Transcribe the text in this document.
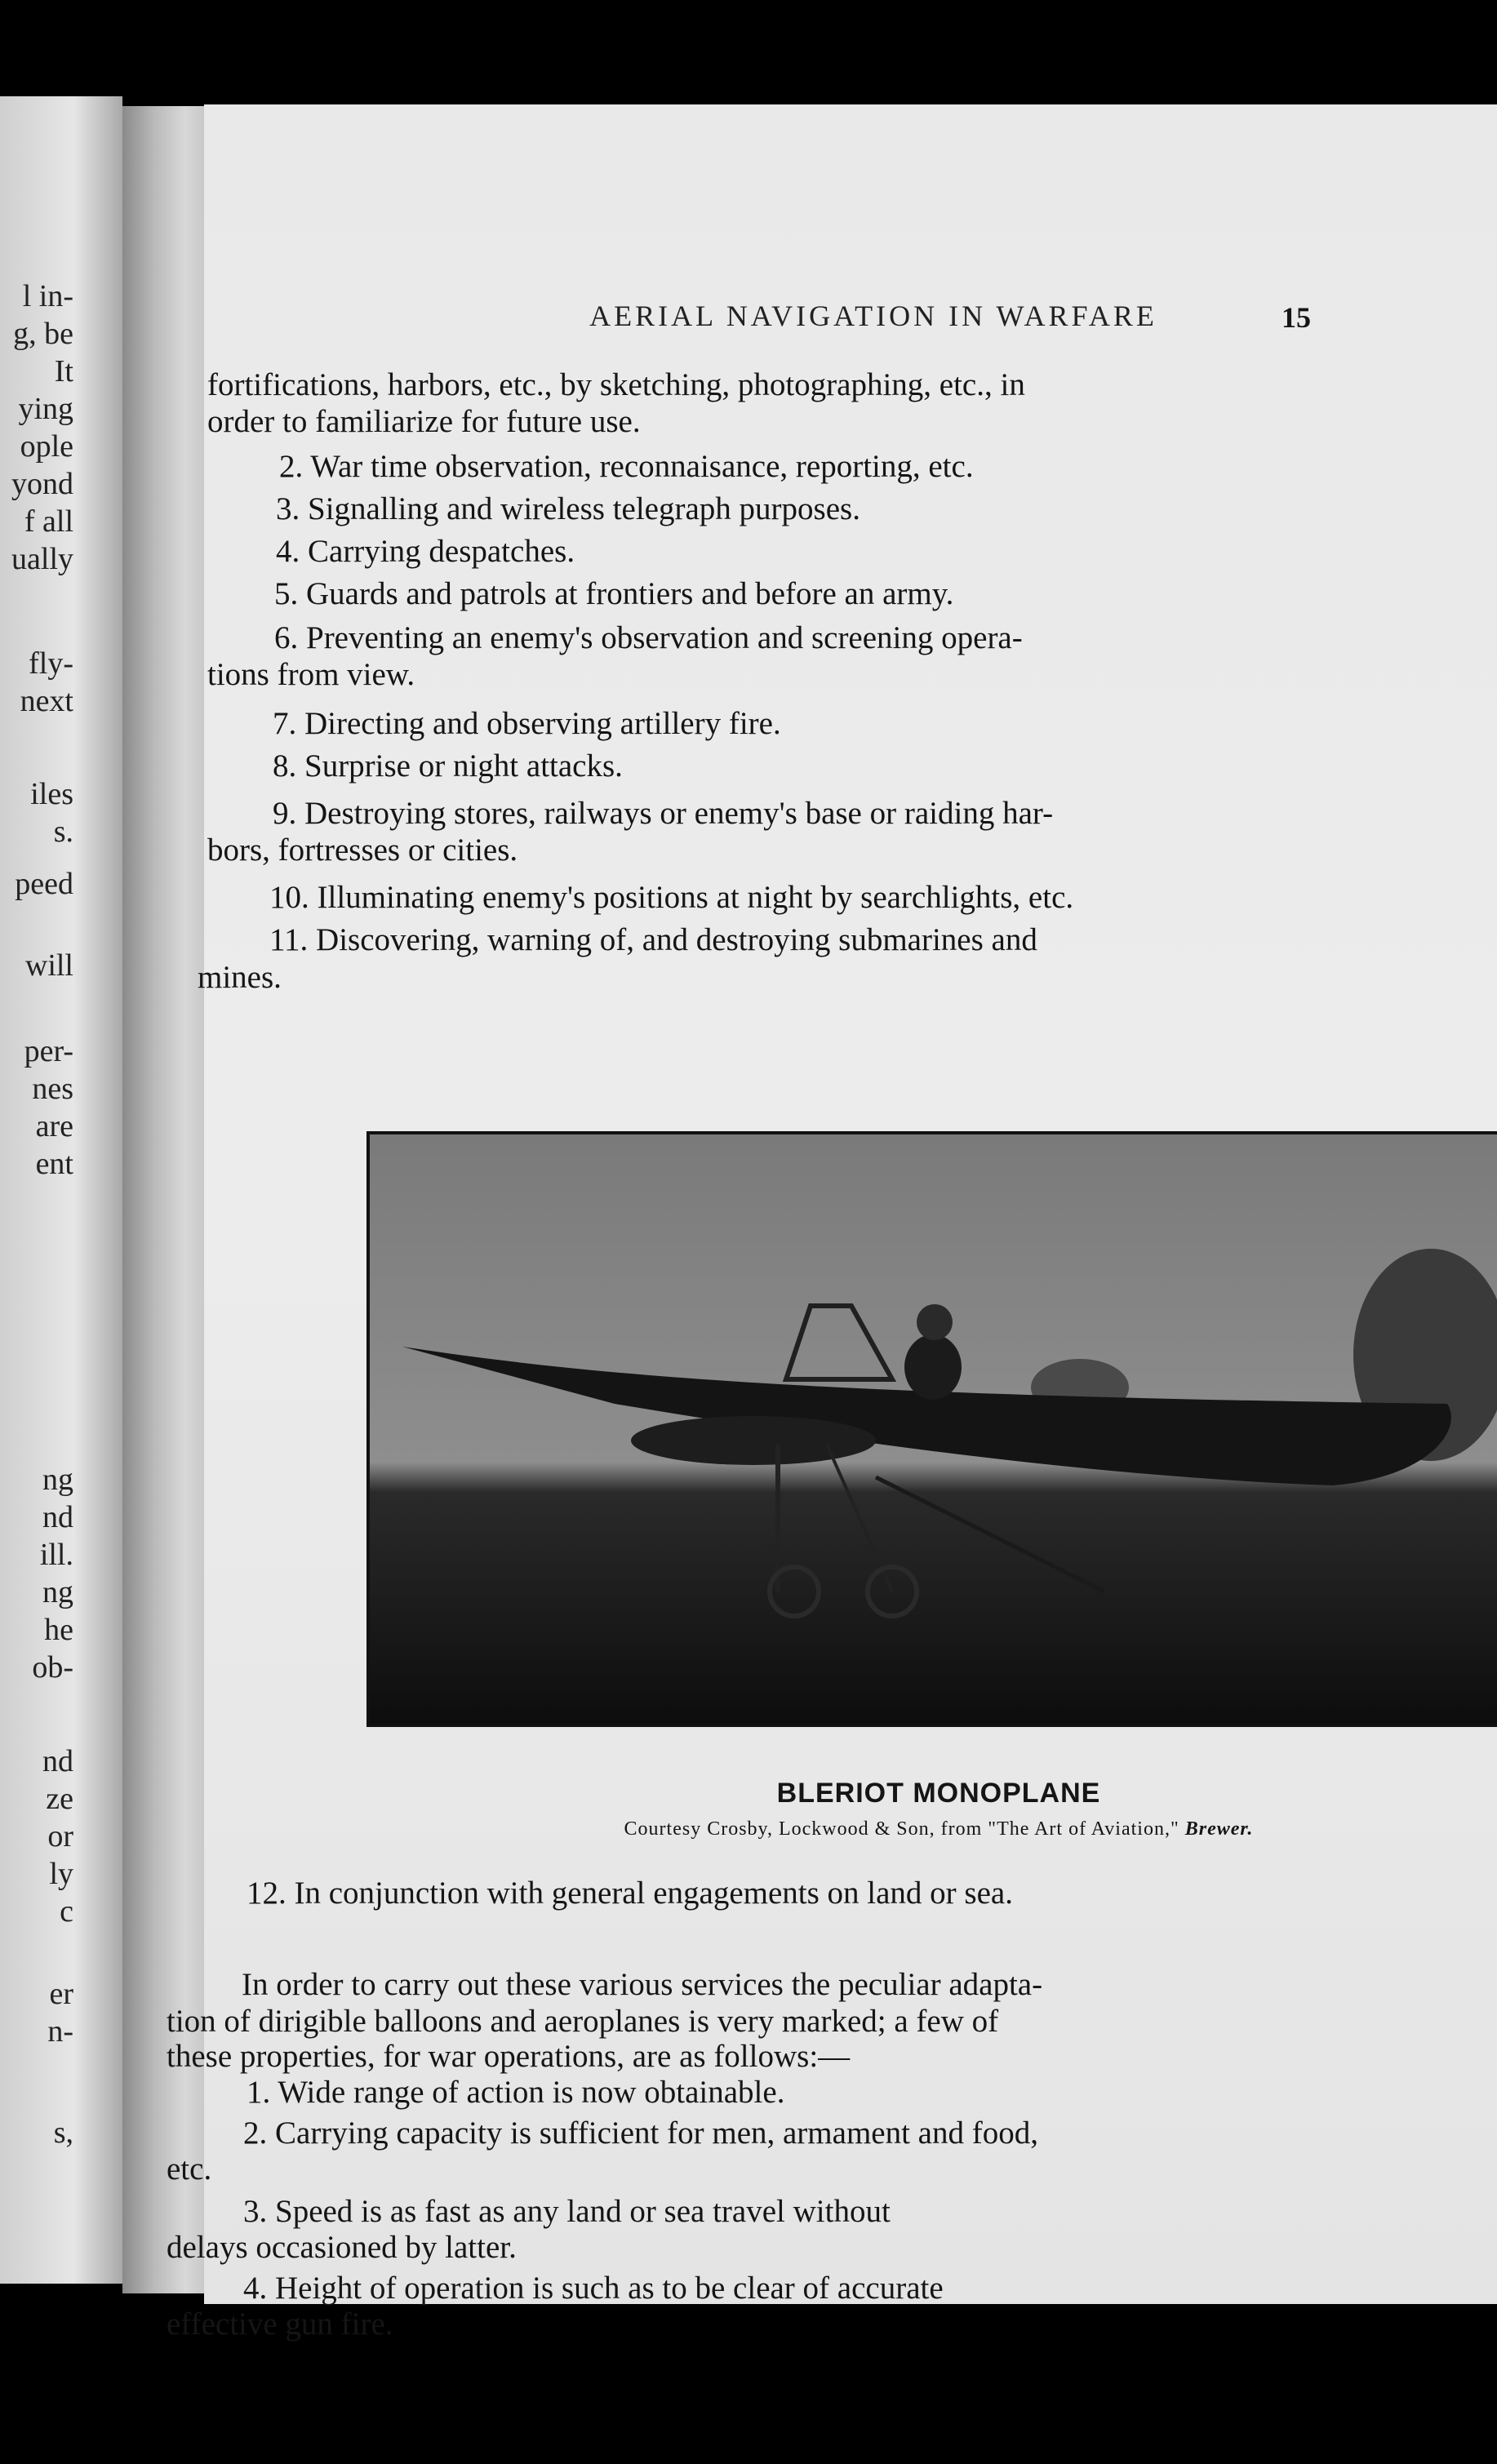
l in-
g, be
It
ying
ople
yond
f all
ually
fly-
next
iles
s.
peed
will
per-
nes
are
ent
ng
nd
ill.
ng
he
ob-
nd
ze
or
ly
c
er
n-
s,
AERIAL NAVIGATION IN WARFARE	15
fortifications, harbors, etc., by sketching, photographing, etc., in
order to familiarize for future use.
2. War time observation, reconnaisance, reporting, etc.
3. Signalling and wireless telegraph purposes.
4. Carrying despatches.
5. Guards and patrols at frontiers and before an army.
6. Preventing an enemy's observation and screening opera-
tions from view.
7. Directing and observing artillery fire.
8. Surprise or night attacks.
9. Destroying stores, railways or enemy's base or raiding har-
bors, fortresses or cities.
10. Illuminating enemy's positions at night by searchlights, etc.
11. Discovering, warning of, and destroying submarines and
mines.
BLERIOT MONOPLANE
Courtesy Crosby, Lockwood & Son, from "The Art of Aviation," Brewer.
12. In conjunction with general engagements on land or sea.
In order to carry out these various services the peculiar adapta-
tion of dirigible balloons and aeroplanes is very marked; a few of
these properties, for war operations, are as follows:—
1. Wide range of action is now obtainable.
2. Carrying capacity is sufficient for men, armament and food,
etc.
3. Speed is as fast as any land or sea travel without
delays occasioned by latter.
4. Height of operation is such as to be clear of accurate
effective gun fire.
